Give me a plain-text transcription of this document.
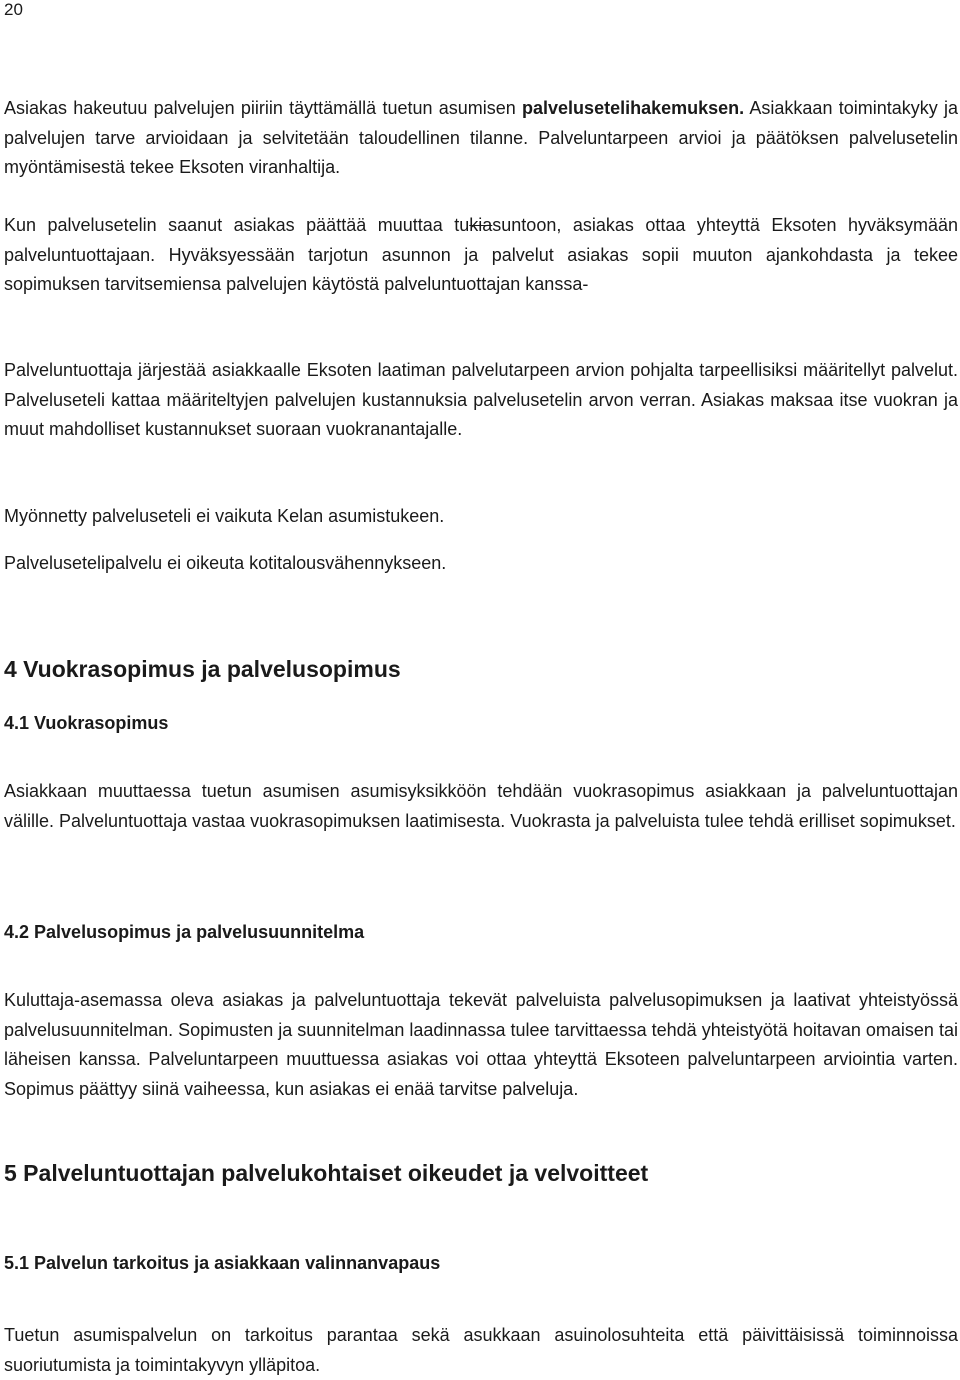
20

Asiakas hakeutuu palvelujen piiriin täyttämällä tuetun asumisen palvelusetelihakemuksen. Asiakkaan toimintakyky ja palvelujen tarve arvioidaan ja selvitetään taloudellinen tilanne. Palveluntarpeen arvioi ja päätöksen palvelusetelin myöntämisestä tekee Eksoten viranhaltija.

Kun palvelusetelin saanut asiakas päättää muuttaa tukiasuntoon, asiakas ottaa yhteyttä Eksoten hyväksymään palveluntuottajaan. Hyväksyessään tarjotun asunnon ja palvelut asiakas sopii muuton ajankohdasta ja tekee sopimuksen tarvitsemiensa palvelujen käytöstä palveluntuottajan kanssa-

Palveluntuottaja järjestää asiakkaalle Eksoten laatiman palvelutarpeen arvion pohjalta tarpeellisiksi määritellyt palvelut. Palveluseteli kattaa määriteltyjen palvelujen kustannuksia palvelusetelin arvon verran. Asiakas maksaa itse vuokran ja muut mahdolliset kustannukset suoraan vuokranantajalle.

Myönnetty palveluseteli ei vaikuta Kelan asumistukeen.

Palvelusetelipalvelu ei oikeuta kotitalousvähennykseen.

4 Vuokrasopimus ja palvelusopimus
4.1 Vuokrasopimus

Asiakkaan muuttaessa tuetun asumisen asumisyksikköön tehdään vuokrasopimus asiakkaan ja palveluntuottajan välille. Palveluntuottaja vastaa vuokrasopimuksen laatimisesta. Vuokrasta ja palveluista tulee tehdä erilliset sopimukset.

4.2 Palvelusopimus ja palvelusuunnitelma

Kuluttaja-asemassa oleva asiakas ja palveluntuottaja tekevät palveluista palvelusopimuksen ja laativat yhteistyössä palvelusuunnitelman. Sopimusten ja suunnitelman laadinnassa tulee tarvittaessa tehdä yhteistyötä hoitavan omaisen tai läheisen kanssa. Palveluntarpeen muuttuessa asiakas voi ottaa yhteyttä Eksoteen palveluntarpeen arviointia varten. Sopimus päättyy siinä vaiheessa, kun asiakas ei enää tarvitse palveluja.

5 Palveluntuottajan palvelukohtaiset oikeudet ja velvoitteet
5.1 Palvelun tarkoitus ja asiakkaan valinnanvapaus

Tuetun asumispalvelun on tarkoitus parantaa sekä asukkaan asuinolosuhteita että päivittäisissä toiminnoissa suoriutumista ja toimintakyvyn ylläpitoa.
